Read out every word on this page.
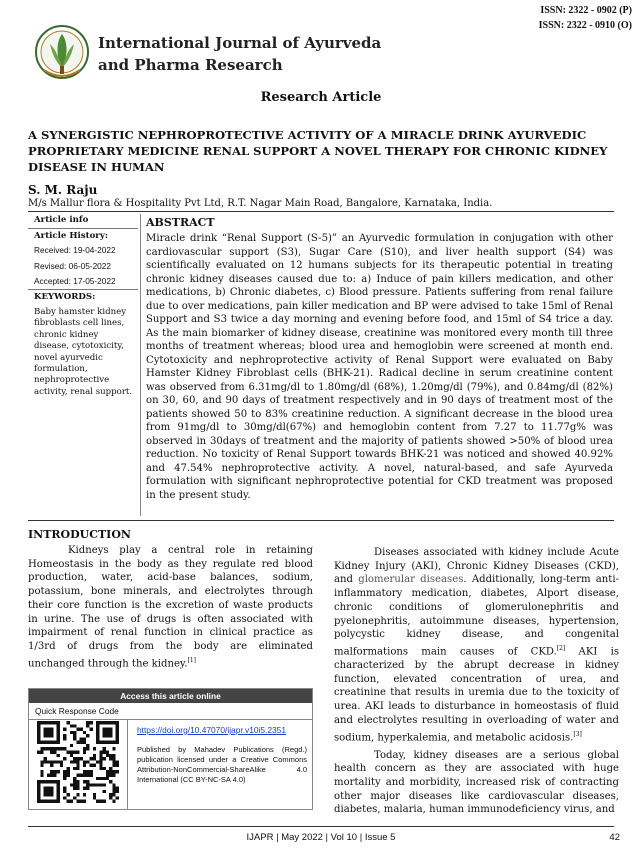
ISSN: 2322 - 0902 (P)
ISSN: 2322 - 0910 (O)
International Journal of Ayurveda
and Pharma Research
Research Article
A SYNERGISTIC NEPHROPROTECTIVE ACTIVITY OF A MIRACLE DRINK AYURVEDIC PROPRIETARY MEDICINE RENAL SUPPORT A NOVEL THERAPY FOR CHRONIC KIDNEY DISEASE IN HUMAN
S. M. Raju
M/s Mallur flora & Hospitality Pvt Ltd, R.T. Nagar Main Road, Bangalore, Karnataka, India.
Article info
Article History:
Received: 19-04-2022
Revised: 06-05-2022
Accepted: 17-05-2022
KEYWORDS:
Baby hamster kidney fibroblasts cell lines, chronic kidney disease, cytotoxicity, novel ayurvedic formulation, nephroprotective activity, renal support.
ABSTRACT
Miracle drink “Renal Support (S-5)” an Ayurvedic formulation in conjugation with other cardiovascular support (S3), Sugar Care (S10), and liver health support (S4) was scientifically evaluated on 12 humans subjects for its therapeutic potential in treating chronic kidney diseases caused due to: a) Induce of pain killers medication, and other medications, b) Chronic diabetes, c) Blood pressure. Patients suffering from renal failure due to over medications, pain killer medication and BP were advised to take 15ml of Renal Support and S3 twice a day morning and evening before food, and 15ml of S4 trice a day. As the main biomarker of kidney disease, creatinine was monitored every month till three months of treatment whereas; blood urea and hemoglobin were screened at month end. Cytotoxicity and nephroprotective activity of Renal Support were evaluated on Baby Hamster Kidney Fibroblast cells (BHK-21). Radical decline in serum creatinine content was observed from 6.31mg/dl to 1.80mg/dl (68%), 1.20mg/dl (79%), and 0.84mg/dl (82%) on 30, 60, and 90 days of treatment respectively and in 90 days of treatment most of the patients showed 50 to 83% creatinine reduction. A significant decrease in the blood urea from 91mg/dl to 30mg/dl(67%) and hemoglobin content from 7.27 to 11.77g% was observed in 30days of treatment and the majority of patients showed >50% of blood urea reduction. No toxicity of Renal Support towards BHK-21 was noticed and showed 40.92% and 47.54% nephroprotective activity. A novel, natural-based, and safe Ayurveda formulation with significant nephroprotective potential for CKD treatment was proposed in the present study.
INTRODUCTION

Kidneys play a central role in retaining Homeostasis in the body as they regulate red blood production, water, acid-base balances, sodium, potassium, bone minerals, and electrolytes through their core function is the excretion of waste products in urine. The use of drugs is often associated with impairment of renal function in clinical practice as 1/3rd of drugs from the body are eliminated unchanged through the kidney.[1]

Diseases associated with kidney include Acute Kidney Injury (AKI), Chronic Kidney Diseases (CKD), and glomerular diseases. Additionally, long-term anti-inflammatory medication, diabetes, Alport disease, chronic conditions of glomerulonephritis and pyelonephritis, autoimmune diseases, hypertension, polycystic kidney disease, and congenital malformations main causes of CKD.[2] AKI is characterized by the abrupt decrease in kidney function, elevated concentration of urea, and creatinine that results in uremia due to the toxicity of urea. AKI leads to disturbance in homeostasis of fluid and electrolytes resulting in overloading of water and sodium, hyperkalemia, and metabolic acidosis.[3]

Today, kidney diseases are a serious global health concern as they are associated with huge mortality and morbidity, increased risk of contracting other major diseases like cardiovascular diseases, diabetes, malaria, human immunodeficiency virus, and

Access this article online
Quick Response Code
https://doi.org/10.47070/ijapr.v10i5.2351
Published by Mahadev Publications (Regd.) publication licensed under a Creative Commons Attribution-NonCommercial-ShareAlike 4.0 International (CC BY-NC-SA 4.0)
IJAPR | May 2022 | Vol 10 | Issue 5	42
